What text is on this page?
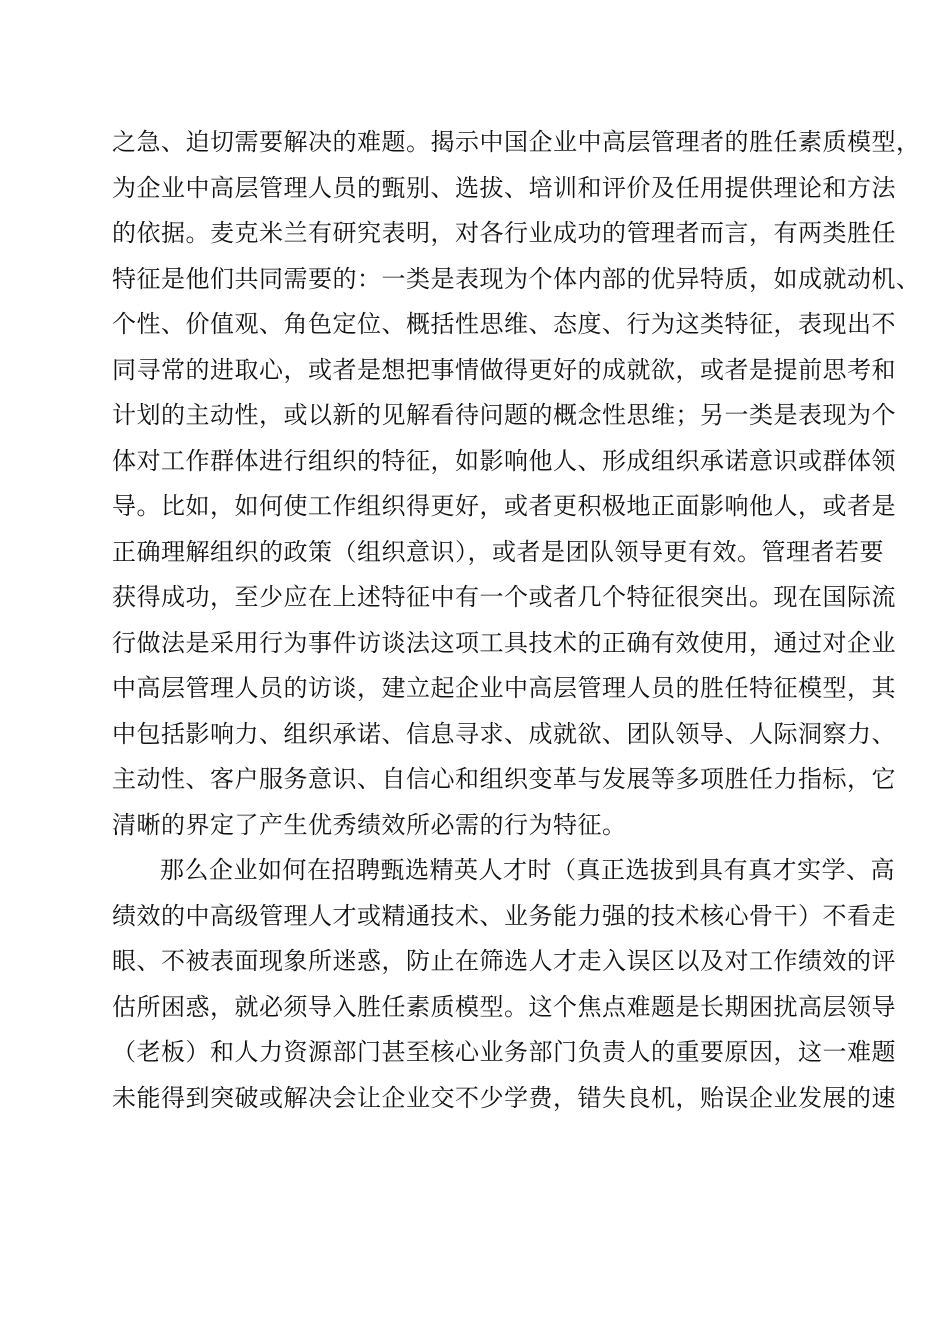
之急、迫切需要解决的难题。揭示中国企业中高层管理者的胜任素质模型，
为企业中高层管理人员的甄别、选拔、培训和评价及任用提供理论和方法
的依据。麦克米兰有研究表明，对各行业成功的管理者而言，有两类胜任
特征是他们共同需要的：一类是表现为个体内部的优异特质，如成就动机、
个性、价值观、角色定位、概括性思维、态度、行为这类特征，表现出不
同寻常的进取心，或者是想把事情做得更好的成就欲，或者是提前思考和
计划的主动性，或以新的见解看待问题的概念性思维；另一类是表现为个
体对工作群体进行组织的特征，如影响他人、形成组织承诺意识或群体领
导。比如，如何使工作组织得更好，或者更积极地正面影响他人，或者是
正确理解组织的政策（组织意识），或者是团队领导更有效。管理者若要
获得成功，至少应在上述特征中有一个或者几个特征很突出。现在国际流
行做法是采用行为事件访谈法这项工具技术的正确有效使用，通过对企业
中高层管理人员的访谈，建立起企业中高层管理人员的胜任特征模型，其
中包括影响力、组织承诺、信息寻求、成就欲、团队领导、人际洞察力、
主动性、客户服务意识、自信心和组织变革与发展等多项胜任力指标，它
清晰的界定了产生优秀绩效所必需的行为特征。
那么企业如何在招聘甄选精英人才时（真正选拔到具有真才实学、高
绩效的中高级管理人才或精通技术、业务能力强的技术核心骨干）不看走
眼、不被表面现象所迷惑，防止在筛选人才走入误区以及对工作绩效的评
估所困惑，就必须导入胜任素质模型。这个焦点难题是长期困扰高层领导
（老板）和人力资源部门甚至核心业务部门负责人的重要原因，这一难题
未能得到突破或解决会让企业交不少学费，错失良机，贻误企业发展的速
